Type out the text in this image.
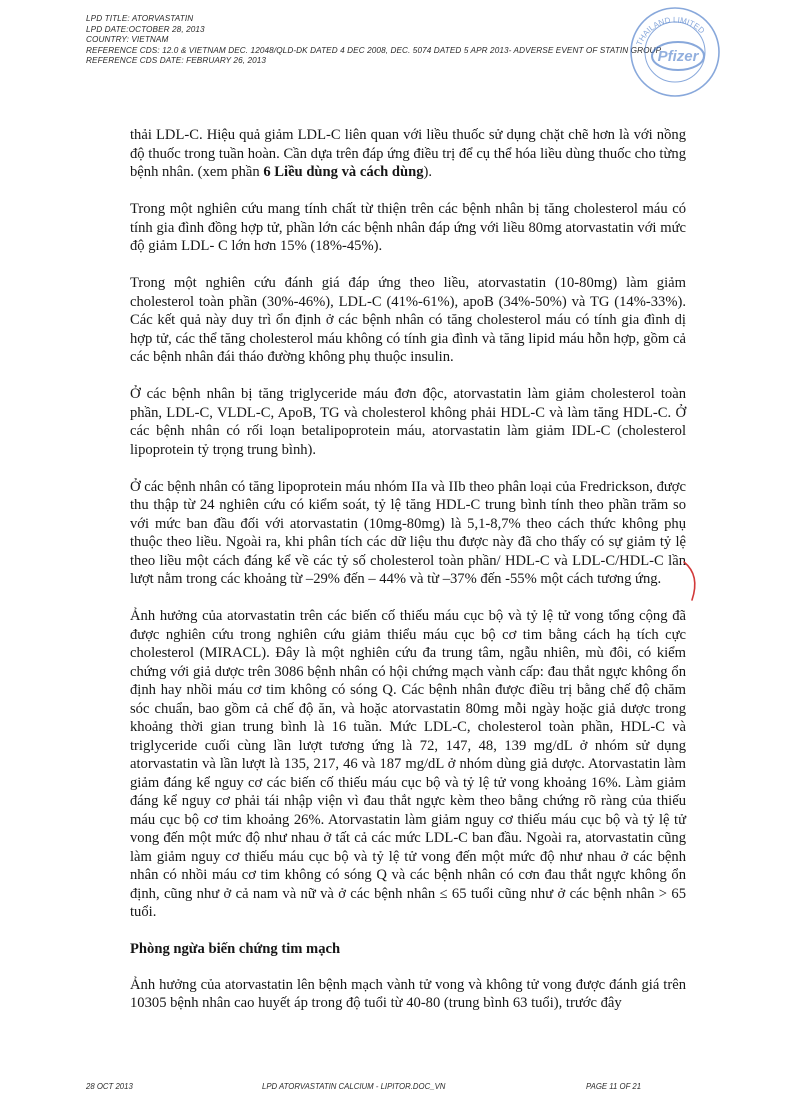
LPD TITLE: ATORVASTATIN
LPD DATE:OCTOBER 28, 2013
COUNTRY: VIETNAM
REFERENCE CDS: 12.0 & VIETNAM DEC. 12048/QLD-DK DATED 4 DEC 2008, DEC. 5074 DATED 5 APR 2013- ADVERSE EVENT OF STATIN GROUP
REFERENCE CDS DATE: FEBRUARY 26, 2013
THAILAND LIMITED
Pfizer

thải LDL-C. Hiệu quả giảm LDL-C liên quan với liều thuốc sử dụng chặt chẽ hơn là với nồng độ thuốc trong tuần hoàn. Cần dựa trên đáp ứng điều trị để cụ thể hóa liều dùng thuốc cho từng bệnh nhân. (xem phần 6 Liều dùng và cách dùng).

Trong một nghiên cứu mang tính chất từ thiện trên các bệnh nhân bị tăng cholesterol máu có tính gia đình đồng hợp tử, phần lớn các bệnh nhân đáp ứng với liều 80mg atorvastatin với mức độ giảm LDL- C lớn hơn 15% (18%-45%).

Trong một nghiên cứu đánh giá đáp ứng theo liều, atorvastatin (10-80mg) làm giảm cholesterol toàn phần (30%-46%), LDL-C (41%-61%), apoB (34%-50%) và TG (14%-33%). Các kết quả này duy trì ổn định ở các bệnh nhân có tăng cholesterol máu có tính gia đình dị hợp tử, các thể tăng cholesterol máu không có tính gia đình và tăng lipid máu hỗn hợp, gồm cả các bệnh nhân đái tháo đường không phụ thuộc insulin.

Ở các bệnh nhân bị tăng triglyceride máu đơn độc, atorvastatin làm giảm cholesterol toàn phần, LDL-C, VLDL-C, ApoB, TG và cholesterol không phải HDL-C và làm tăng HDL-C. Ở các bệnh nhân có rối loạn betalipoprotein máu, atorvastatin làm giảm IDL-C (cholesterol lipoprotein tỷ trọng trung bình).

Ở các bệnh nhân có tăng lipoprotein máu nhóm IIa và IIb theo phân loại của Fredrickson, được thu thập từ 24 nghiên cứu có kiểm soát, tỷ lệ tăng HDL-C trung bình tính theo phần trăm so với mức ban đầu đối với atorvastatin (10mg-80mg) là 5,1-8,7% theo cách thức không phụ thuộc theo liều. Ngoài ra, khi phân tích các dữ liệu thu được này đã cho thấy có sự giảm tỷ lệ theo liều một cách đáng kể về các tỷ số cholesterol toàn phần/ HDL-C và LDL-C/HDL-C lần lượt nằm trong các khoảng từ –29% đến – 44% và từ –37% đến -55% một cách tương ứng.

Ảnh hưởng của atorvastatin trên các biến cố thiếu máu cục bộ và tỷ lệ tử vong tổng cộng đã được nghiên cứu trong nghiên cứu giảm thiểu máu cục bộ cơ tim bằng cách hạ tích cực cholesterol (MIRACL). Đây là một nghiên cứu đa trung tâm, ngẫu nhiên, mù đôi, có kiểm chứng với giả dược trên 3086 bệnh nhân có hội chứng mạch vành cấp: đau thắt ngực không ổn định hay nhồi máu cơ tim không có sóng Q. Các bệnh nhân được điều trị bằng chế độ chăm sóc chuẩn, bao gồm cả chế độ ăn, và hoặc atorvastatin 80mg mỗi ngày hoặc giả dược trong khoảng thời gian trung bình là 16 tuần. Mức LDL-C, cholesterol toàn phần, HDL-C và triglyceride cuối cùng lần lượt tương ứng là 72, 147, 48, 139 mg/dL ở nhóm sử dụng atorvastatin và lần lượt là 135, 217, 46 và 187 mg/dL ở nhóm dùng giả dược. Atorvastatin làm giảm đáng kể nguy cơ các biến cố thiếu máu cục bộ và tỷ lệ tử vong khoảng 16%. Làm giảm đáng kể nguy cơ phải tái nhập viện vì đau thắt ngực kèm theo bằng chứng rõ ràng của thiếu máu cục bộ cơ tim khoảng 26%. Atorvastatin làm giảm nguy cơ thiếu máu cục bộ và tỷ lệ tử vong đến một mức độ như nhau ở tất cả các mức LDL-C ban đầu. Ngoài ra, atorvastatin cũng làm giảm nguy cơ thiếu máu cục bộ và tỷ lệ tử vong đến một mức độ như nhau ở các bệnh nhân có nhồi máu cơ tim không có sóng Q và các bệnh nhân có cơn đau thắt ngực không ổn định, cũng như ở cả nam và nữ và ở các bệnh nhân ≤ 65 tuổi cũng như ở các bệnh nhân > 65 tuổi.

Phòng ngừa biến chứng tim mạch

Ảnh hưởng của atorvastatin lên bệnh mạch vành tử vong và không tử vong được đánh giá trên 10305 bệnh nhân cao huyết áp trong độ tuổi từ 40-80 (trung bình 63 tuổi), trước đây

28 OCT 2013	LPD ATORVASTATIN CALCIUM - LIPITOR.DOC_VN	PAGE 11 OF 21
